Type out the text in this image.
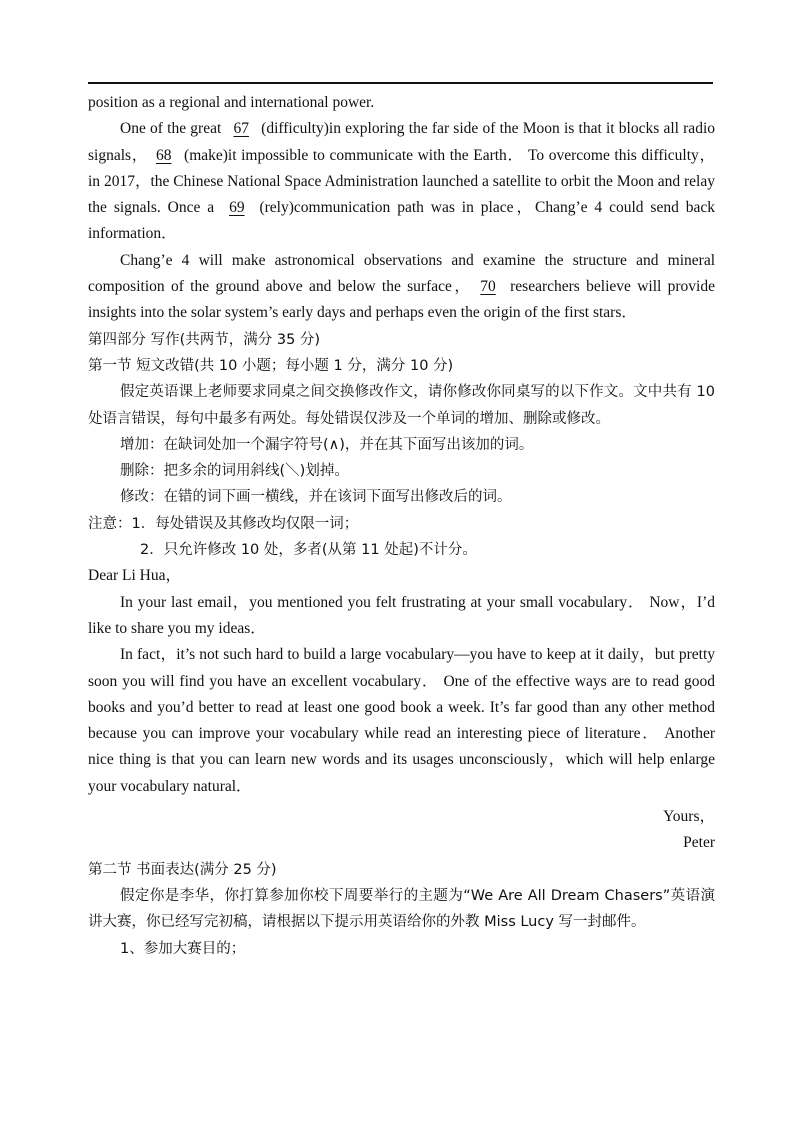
position as a regional and international power.

One of the great 67 (difficulty)in exploring the far side of the Moon is that it blocks all radio signals， 68 (make)it impossible to communicate with the Earth． To overcome this difficulty，in 2017，the Chinese National Space Administration launched a satellite to orbit the Moon and relay the signals. Once a 69 (rely)communication path was in place，Chang’e 4 could send back information．

Chang’e 4 will make astronomical observations and examine the structure and mineral composition of the ground above and below the surface， 70 researchers believe will provide insights into the solar system’s early days and perhaps even the origin of the first stars．

第四部分 写作(共两节，满分 35 分)

第一节 短文改错(共 10 小题；每小题 1 分，满分 10 分)

假定英语课上老师要求同桌之间交换修改作文，请你修改你同桌写的以下作文。文中共有 10 处语言错误，每句中最多有两处。每处错误仅涉及一个单词的增加、删除或修改。

增加：在缺词处加一个漏字符号(∧)，并在其下面写出该加的词。

删除：把多余的词用斜线(＼)划掉。

修改：在错的词下画一横线，并在该词下面写出修改后的词。

注意：1．每处错误及其修改均仅限一词；

2．只允许修改 10 处，多者(从第 11 处起)不计分。

Dear Li Hua，

In your last email，you mentioned you felt frustrating at your small vocabulary． Now，I’d like to share you my ideas．

In fact，it’s not such hard to build a large vocabulary—you have to keep at it daily，but pretty soon you will find you have an excellent vocabulary． One of the effective ways are to read good books and you’d better to read at least one good book a week. It’s far good than any other method because you can improve your vocabulary while read an interesting piece of literature． Another nice thing is that you can learn new words and its usages unconsciously，which will help enlarge your vocabulary natural．

Yours，

Peter

第二节 书面表达(满分 25 分)

假定你是李华，你打算参加你校下周要举行的主题为“We Are All Dream Chasers”英语演讲大赛，你已经写完初稿，请根据以下提示用英语给你的外教 Miss Lucy 写一封邮件。

1、参加大赛目的；
